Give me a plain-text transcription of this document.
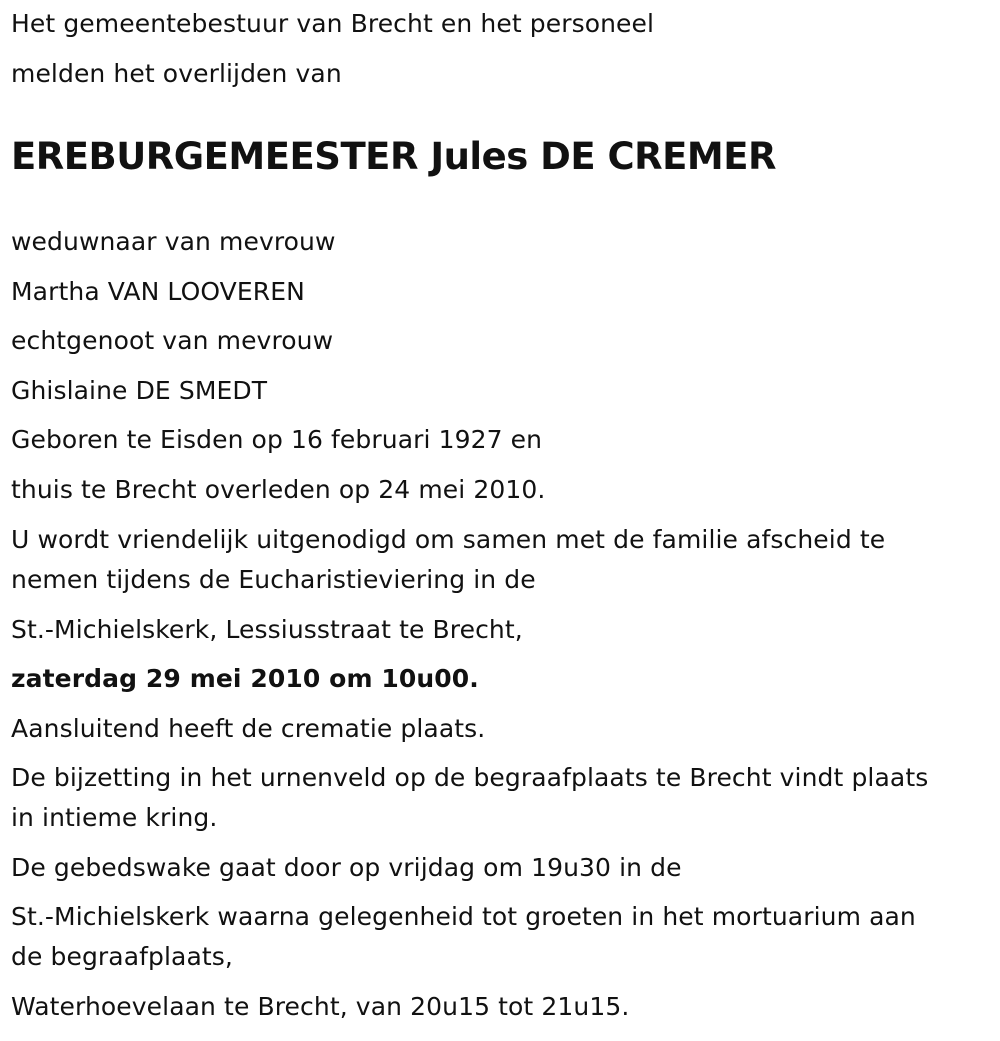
Het gemeentebestuur van Brecht en het personeel
melden het overlijden van
EREBURGEMEESTER Jules DE CREMER
weduwnaar van mevrouw
Martha VAN LOOVEREN
echtgenoot van mevrouw
Ghislaine DE SMEDT
Geboren te Eisden op 16 februari 1927 en
thuis te Brecht overleden op 24 mei 2010.
U wordt vriendelijk uitgenodigd om samen met de familie afscheid te
nemen tijdens de Eucharistieviering in de
St.-Michielskerk, Lessiusstraat te Brecht,
zaterdag 29 mei 2010 om 10u00.
Aansluitend heeft de crematie plaats.
De bijzetting in het urnenveld op de begraafplaats te Brecht vindt plaats
in intieme kring.
De gebedswake gaat door op vrijdag om 19u30 in de
St.-Michielskerk waarna gelegenheid tot groeten in het mortuarium aan
de begraafplaats,
Waterhoevelaan te Brecht, van 20u15 tot 21u15.
